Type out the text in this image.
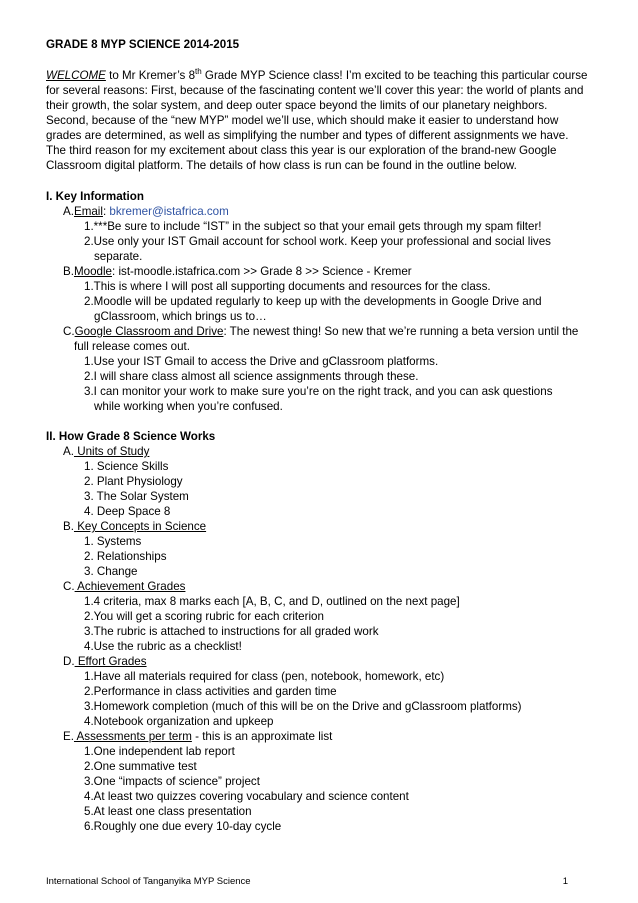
GRADE 8 MYP SCIENCE 2014-2015

WELCOME to Mr Kremer’s 8th Grade MYP Science class! I’m excited to be teaching this particular course

for several reasons: First, because of the fascinating content we’ll cover this year: the world of plants and

their growth, the solar system, and deep outer space beyond the limits of our planetary neighbors.

Second, because of the “new MYP” model we’ll use, which should make it easier to understand how

grades are determined, as well as simplifying the number and types of different assignments we have.

The third reason for my excitement about class this year is our exploration of the brand-new Google

Classroom digital platform. The details of how class is run can be found in the outline below.

I. Key Information
A.Email: bkremer@istafrica.com
1.***Be sure to include “IST” in the subject so that your email gets through my spam filter!
2.Use only your IST Gmail account for school work. Keep your professional and social lives
separate.
B.Moodle: ist-moodle.istafrica.com >> Grade 8 >> Science - Kremer
1.This is where I will post all supporting documents and resources for the class.
2.Moodle will be updated regularly to keep up with the developments in Google Drive and
gClassroom, which brings us to…
C.Google Classroom and Drive: The newest thing! So new that we’re running a beta version until the
full release comes out.
1.Use your IST Gmail to access the Drive and gClassroom platforms.
2.I will share class almost all science assignments through these.
3.I can monitor your work to make sure you’re on the right track, and you can ask questions
while working when you’re confused.
II. How Grade 8 Science Works
A. Units of Study
1. Science Skills
2. Plant Physiology
3. The Solar System
4. Deep Space 8
B. Key Concepts in Science
1. Systems
2. Relationships
3. Change
C. Achievement Grades
1.4 criteria, max 8 marks each [A, B, C, and D, outlined on the next page]
2.You will get a scoring rubric for each criterion
3.The rubric is attached to instructions for all graded work
4.Use the rubric as a checklist!
D. Effort Grades
1.Have all materials required for class (pen, notebook, homework, etc)
2.Performance in class activities and garden time
3.Homework completion (much of this will be on the Drive and gClassroom platforms)
4.Notebook organization and upkeep
E. Assessments per term - this is an approximate list
1.One independent lab report
2.One summative test
3.One “impacts of science” project
4.At least two quizzes covering vocabulary and science content
5.At least one class presentation
6.Roughly one due every 10-day cycle
International School of Tanganyika MYP Science	1
